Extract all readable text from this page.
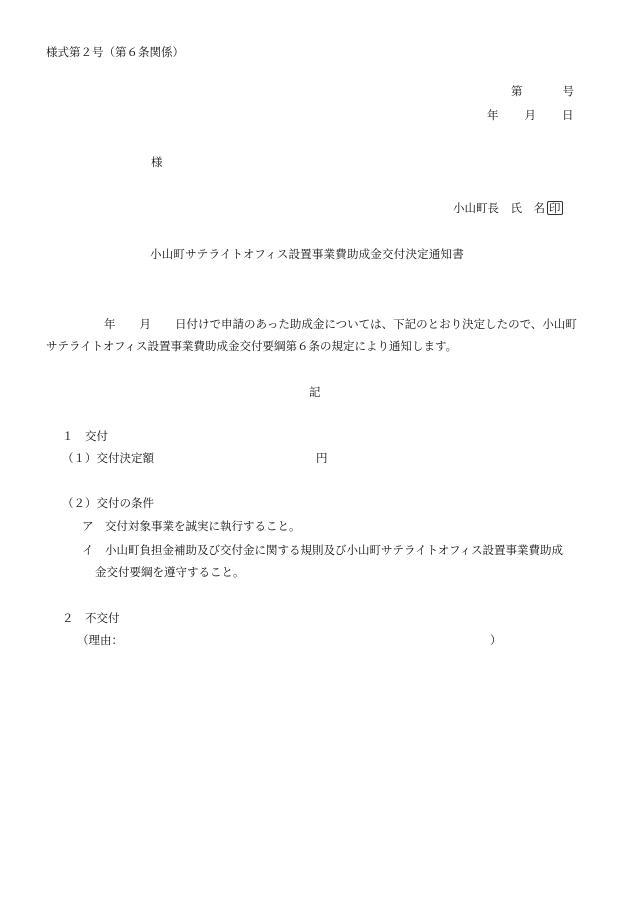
様式第２号（第６条関係）
第	号
年 月 日
様
小山町長　氏　名 印
小山町サテライトオフィス設置事業費助成金交付決定通知書
年 月 日付けで申請のあった助成金については、下記のとおり決定したので、小山町
サテライトオフィス設置事業費助成金交付要綱第６条の規定により通知します。
記
１　交付
（１）交付決定額	円
（２）交付の条件
ア　交付対象事業を誠実に執行すること。
イ　小山町負担金補助及び交付金に関する規則及び小山町サテライトオフィス設置事業費助成
金交付要綱を遵守すること。
２　不交付
（理由：	）
